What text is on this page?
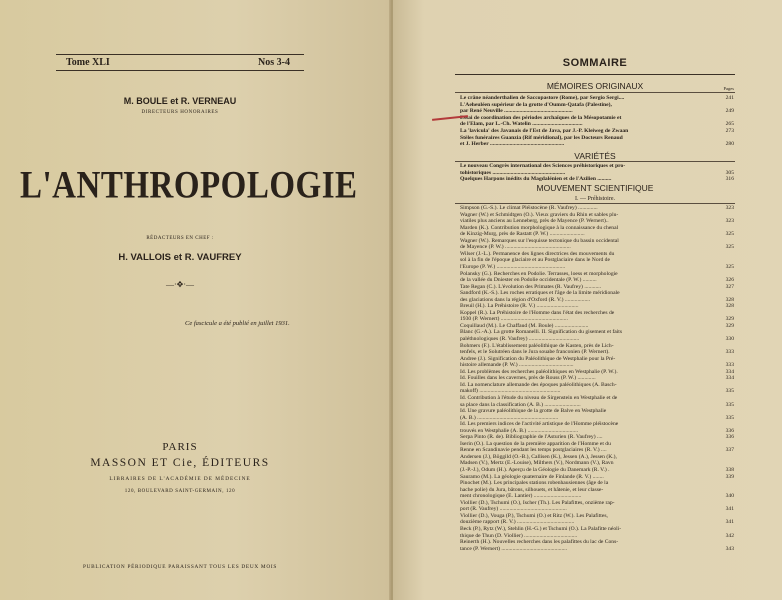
Tome XLI	Nos 3-4
M. BOULE et R. VERNEAU
DIRECTEURS HONORAIRES
L'ANTHROPOLOGIE
RÉDACTEURS EN CHEF :
H. VALLOIS et R. VAUFREY
—·✥·—
Ce fascicule a été publié en juillet 1931.
PARIS
MASSON ET Cie, ÉDITEURS
LIBRAIRES DE L'ACADÉMIE DE MÉDECINE
120, BOULEVARD SAINT-GERMAIN, 120
PUBLICATION PÉRIODIQUE PARAISSANT TOUS LES DEUX MOIS
SOMMAIRE
MÉMOIRES ORIGINAUX	Pages
Le crâne néanderthalien de Saccopastore (Rome), par Sergio Sergi....	241
L'Aeheuléen supérieur de la grotte d'Oumm-Qatafa (Palestine),
par René Neuville .................................................	249
Essai de coordination des périodes archaïques de la Mésopotamie et
de l'Elam, par L.-Ch. Watelin ....................................	265
La 'lavicula' des Javanais de l'Est de Java, par J.-P. Kleiweg de Zwaan	273
Stèles funéraires Guanzia (Rif méridional), par les Docteurs Renaud
et J. Herber .....................................................	280
VARIÉTÉS
Le nouveau Congrès international des Sciences préhistoriques et pro-
tohistoriques ....................................................	305
Quelques Harpons inédits du Magdalénien et de l'Azilien ..........	316
MOUVEMENT SCIENTIFIQUE
I. — Préhistoire.
Simpson (G.-S.). Le climat Pléistocène (R. Vaufrey) ..............	323
Wagner (W.) et Schmidtgen (O.). Vieux graviers du Rhin et sables plu-
viatiles plus anciens au Lenneberg, près de Mayence (P. Wernert)..	323
Marden (K.). Contribution morphologique à la connaissance du chenal
de Kinzig-Murg, près de Rastatt (P. W.) .........................	325
Wagner (W.). Remarques sur l'esquisse tectonique du bassin occidental
de Mayence (P. W.) ...............................................	325
Wilser (J.-L.). Permanence des lignes directrices des mouvements du
sol à la fin de l'époque glaciaire et au Postglaciaire dans le Nord de
l'Europe (P. W.) .................................................	325
Polansky (G.). Recherches en Podolie. Terrasses, loess et morphologie
de la vallée du Dniester en Podolie occidentale (P. W.) ..........	326
Tate Regan (C.). L'évolution des Primates (R. Vaufrey) ............	327
Sandford (K.-S.). Les roches erratiques et l'âge de la limite méridionale
des glaciations dans la région d'Oxford (R. V.) ..................	328
Breuil (H.). La Préhistoire (R. V.) ..............................	328
Koppel (R.). La Préhistoire de l'Homme dans l'état des recherches de
1930 (P. Wernert) ................................................	329
Coquillaud (M.). Le Chaffaud (M. Boule) ........................	329
Blanc (G.-A.). La grotte Romanelli. II. Signification du gisement et faits
paléthnologiques (R. Vaufrey) ....................................	330
Bohmers (F.). L'établissement paléolithique de Kasten, près de Lich-
tenfels, et le Solutréen dans le Jura souabe franconien (P. Wernert).	333
Andree (J.). Signification du Paléolithique de Westphalie pour la Pré-
histoire allemande (P. W.) .......................................	333
Id. Les problèmes des recherches paléolithiques en Westphalie (P. W.).	334
Id. Fouilles dans les cavernes, près de Rouss (P. W.) .............	334
Id. La nomenclature allemande des époques paléolithiques (A. Basch-
makoff) ..........................................................	335
Id. Contribution à l'étude du niveau de Sirgenstein en Westphalie et de
sa place dans la classification (A. B.) ..........................	335
Id. Une gravure paléolithique de la grotte de Balve en Westphalie
(A. B.) ..........................................................	335
Id. Les premiers indices de l'activité artistique de l'Homme pléistocène
trouvés en Westphalie (A. B.) ....................................	336
Serpa Pinto (R. de). Bibliographie de l'Asturien (R. Vaufrey) ....	336
Iserin (O.). La question de la première apparition de l'Homme et du
Renne en Scandinavie pendant les temps postglaciaires (R. V.) ....	337
Andersen (J.), Böggild (O.-B.), Callisen (K.), Jessen (A.), Jessen (K.),
Madsen (V.), Mertz (E.-Louise), Milthers (V.), Nordmann (V.), Ravn
(J.-P.-J.), Odum (H.). Aperçu de la Géologie du Danemark (R. V.) .	338
Sauramo (M.). La géologie quaternaire de Finlande (R. V.) ........	339
Pinochet (M.). Les principales stations robenhausiennes (âge de la
hache polie) du Jura, bâtons, silhouets, et hâtenie, et leur classe-
ment chronologique (E. Lantier) ..................................	340
Viollier (D.), Tschumi (O.), Ischer (Th.). Les Palafittes, onzième rap-
port (R. Vaufrey) ................................................	341
Viollier (D.), Vouga (P.), Tschumi (O.) et Ritz (W.). Les Palafittes,
douzième rapport (R. V.) .........................................	341
Beck (P.), Rytz (W.), Stehlin (H.-G.) et Tschumi (O.). La Palafitte néoli-
thique de Thun (D. Viollier) ......................................	342
Reinerth (H.). Nouvelles recherches dans les palafittes du lac de Cons-
tance (P. Wernert) ...............................................	343
